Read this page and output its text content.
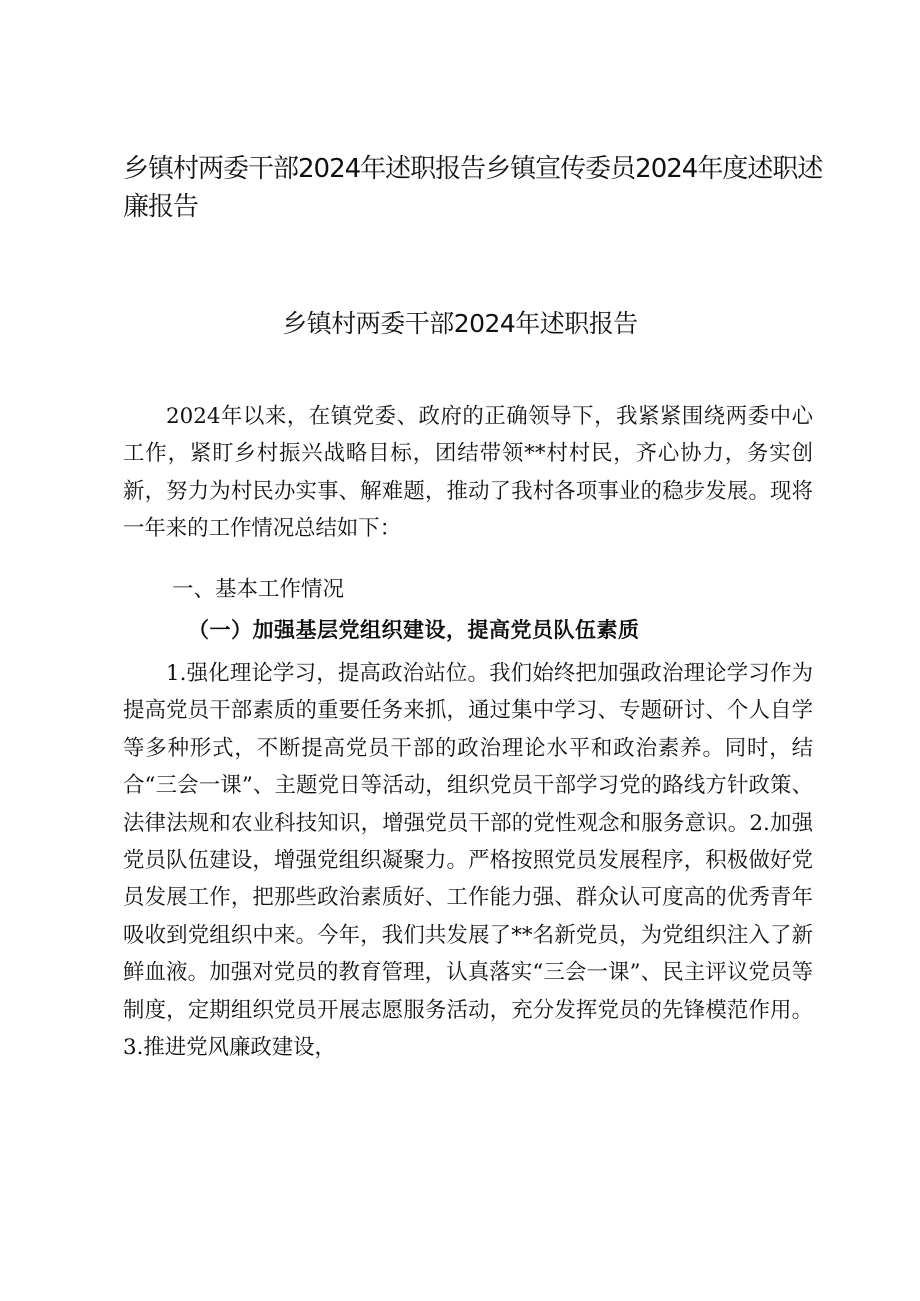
乡镇村两委干部2024年述职报告乡镇宣传委员2024年度述职述廉报告
乡镇村两委干部2024年述职报告

2024年以来，在镇党委、政府的正确领导下，我紧紧围绕两委中心工作，紧盯乡村振兴战略目标，团结带领**村村民，齐心协力，务实创新，努力为村民办实事、解难题，推动了我村各项事业的稳步发展。现将一年来的工作情况总结如下：

一、基本工作情况
（一）加强基层党组织建设，提高党员队伍素质

1.强化理论学习，提高政治站位。我们始终把加强政治理论学习作为提高党员干部素质的重要任务来抓，通过集中学习、专题研讨、个人自学等多种形式，不断提高党员干部的政治理论水平和政治素养。同时，结合“三会一课”、主题党日等活动，组织党员干部学习党的路线方针政策、法律法规和农业科技知识，增强党员干部的党性观念和服务意识。2.加强党员队伍建设，增强党组织凝聚力。严格按照党员发展程序，积极做好党员发展工作，把那些政治素质好、工作能力强、群众认可度高的优秀青年吸收到党组织中来。今年，我们共发展了**名新党员，为党组织注入了新鲜血液。加强对党员的教育管理，认真落实“三会一课”、民主评议党员等制度，定期组织党员开展志愿服务活动，充分发挥党员的先锋模范作用。3.推进党风廉政建设，
